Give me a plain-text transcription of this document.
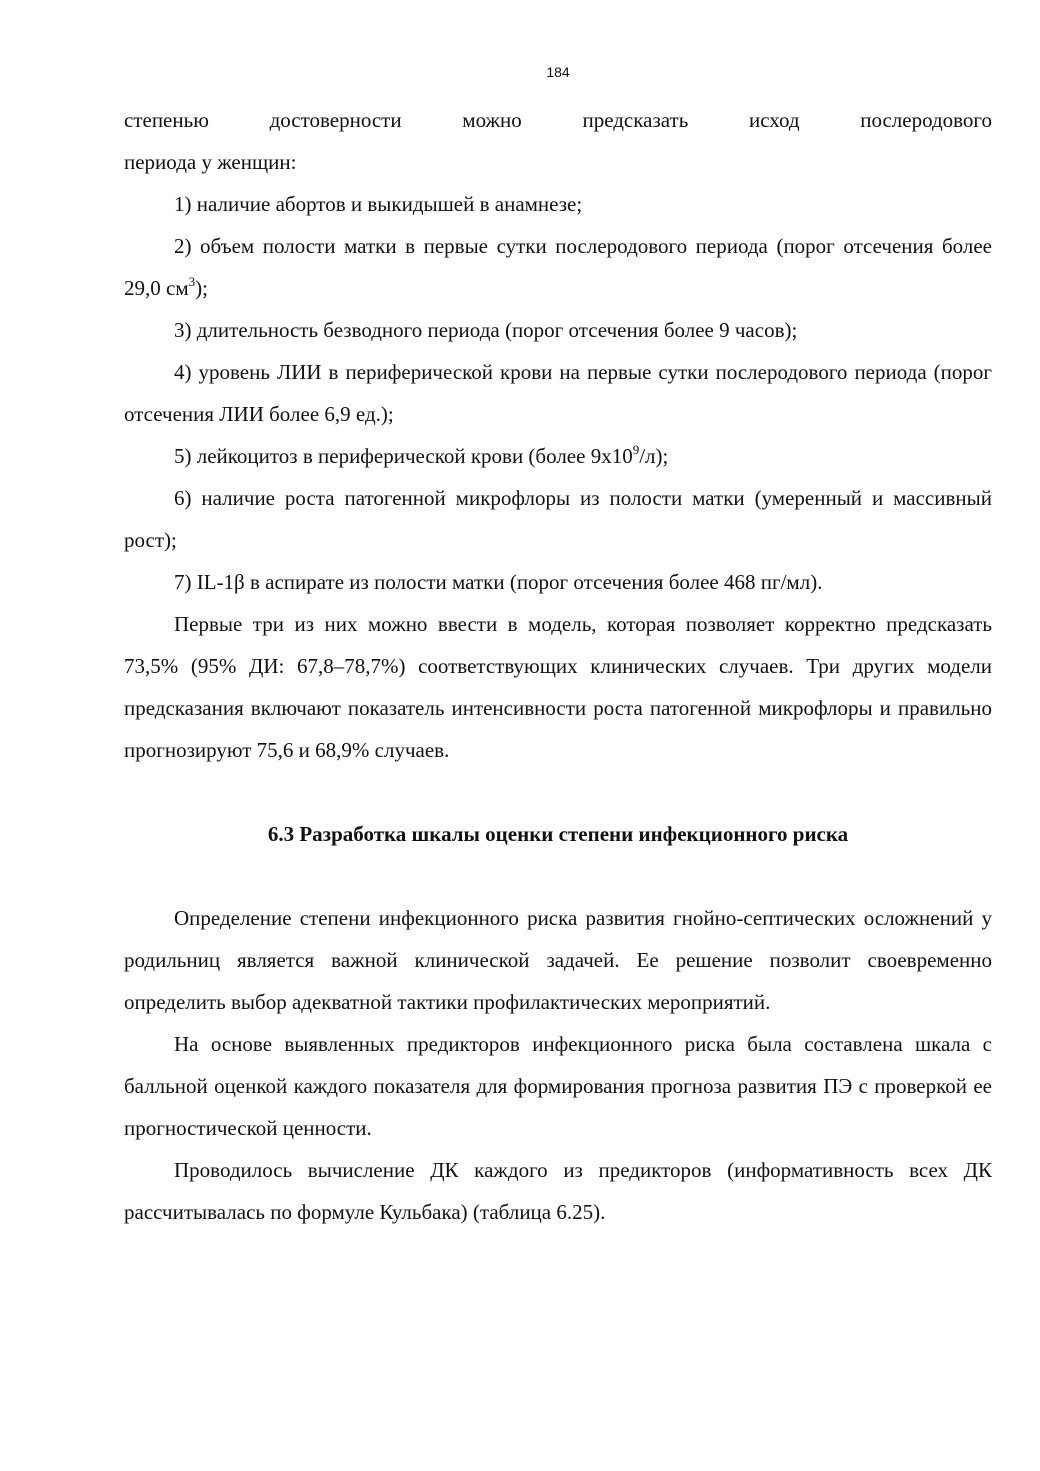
184

степенью	достоверности	можно	предсказать	исход	послеродового

периода у женщин:

1) наличие абортов и выкидышей в анамнезе;

2) объем полости матки в первые сутки послеродового периода (порог отсечения более 29,0 $см^3$);

3) длительность безводного периода (порог отсечения более 9 часов);

4) уровень ЛИИ в периферической крови на первые сутки послеродового периода (порог отсечения ЛИИ более 6,9 ед.);

5) лейкоцитоз в периферической крови (более $9х10^9/л$);

6) наличие роста патогенной микрофлоры из полости матки (умеренный и массивный рост);

7) IL-1β в аспирате из полости матки (порог отсечения более 468 пг/мл).

Первые три из них можно ввести в модель, которая позволяет корректно предсказать 73,5% (95% ДИ: 67,8–78,7%) соответствующих клинических случаев. Три других модели предсказания включают показатель интенсивности роста патогенной микрофлоры и правильно прогнозируют 75,6 и 68,9% случаев.

6.3 Разработка шкалы оценки степени инфекционного риска

Определение степени инфекционного риска развития гнойно-септических осложнений у родильниц является важной клинической задачей. Ее решение позволит своевременно определить выбор адекватной тактики профилактических мероприятий.

На основе выявленных предикторов инфекционного риска была составлена шкала с балльной оценкой каждого показателя для формирования прогноза развития ПЭ с проверкой ее прогностической ценности.

Проводилось вычисление ДК каждого из предикторов (информативность всех ДК рассчитывалась по формуле Кульбака) (таблица 6.25).
